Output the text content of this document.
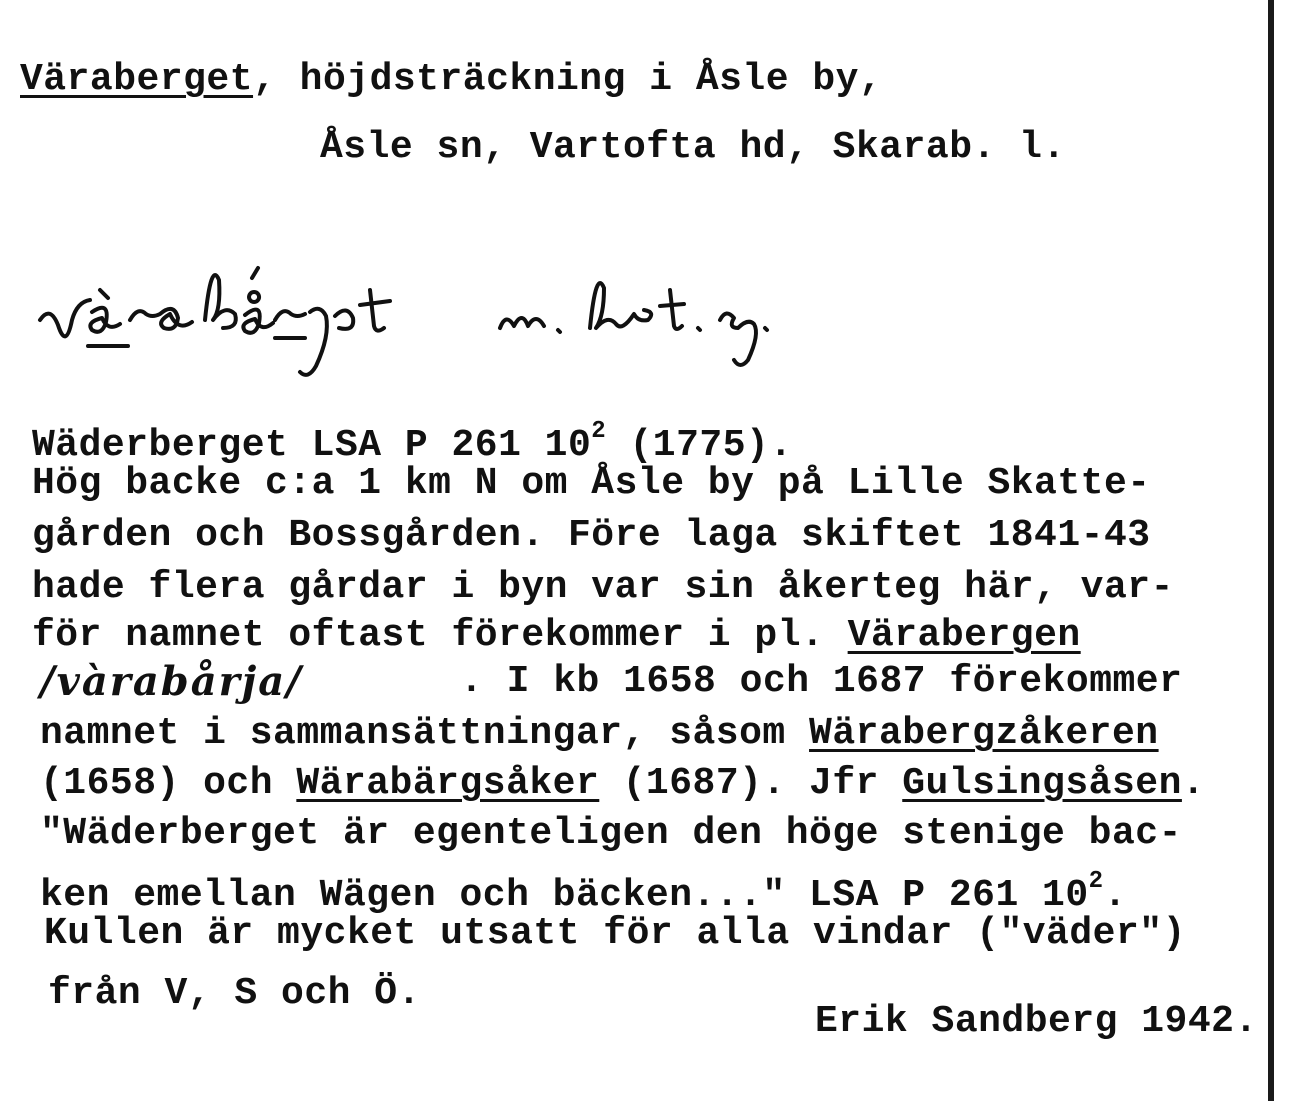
Väraberget, höjdsträckning i Åsle by,
Åsle sn, Vartofta hd, Skarab. l.
Wäderberget LSA P 261 $10^2$ (1775).
Hög backe c:a 1 km N om Åsle by på Lille Skatte-
gården och Bossgården. Före laga skiftet 1841-43
hade flera gårdar i byn var sin åkerteg här, var-
för namnet oftast förekommer i pl. Värabergen
/vàrabårja/	. I kb 1658 och 1687 förekommer
namnet i sammansättningar, såsom Wärabergzåkeren
(1658) och Wärabärgsåker (1687). Jfr Gulsingsåsen.
"Wäderberget är egenteligen den höge stenige bac-
ken emellan Wägen och bäcken..." LSA P 261 $10^2$.
Kullen är mycket utsatt för alla vindar ("väder")
från V, S och Ö.
Erik Sandberg 1942.
